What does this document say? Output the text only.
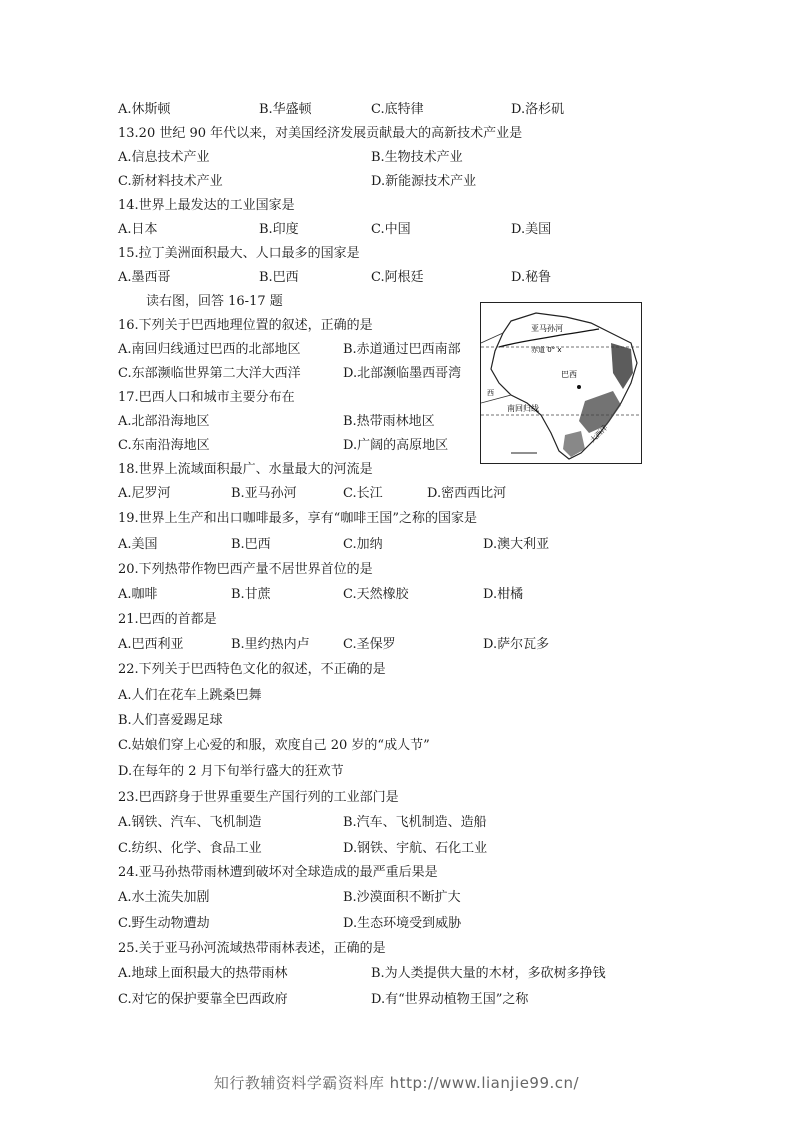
A.休斯顿	B.华盛顿	C.底特律	D.洛杉矶
13.20 世纪 90 年代以来，对美国经济发展贡献最大的高新技术产业是
A.信息技术产业	B.生物技术产业
C.新材料技术产业	D.新能源技术产业
14.世界上最发达的工业国家是
A.日本	B.印度	C.中国	D.美国
15.拉丁美洲面积最大、人口最多的国家是
A.墨西哥	B.巴西	C.阿根廷	D.秘鲁
读右图，回答 16-17 题
亚马孙河
赤道 0° x
巴西
南回归线
大西洋
西
16.下列关于巴西地理位置的叙述，正确的是
A.南回归线通过巴西的北部地区	B.赤道通过巴西南部
C.东部濒临世界第二大洋大西洋	D.北部濒临墨西哥湾
17.巴西人口和城市主要分布在
A.北部沿海地区	B.热带雨林地区
C.东南沿海地区	D.广阔的高原地区
18.世界上流域面积最广、水量最大的河流是
A.尼罗河	B.亚马孙河	C.长江	D.密西西比河
19.世界上生产和出口咖啡最多，享有“咖啡王国”之称的国家是
A.美国	B.巴西	C.加纳	D.澳大利亚
20.下列热带作物巴西产量不居世界首位的是
A.咖啡	B.甘蔗	C.天然橡胶	D.柑橘
21.巴西的首都是
A.巴西利亚	B.里约热内卢	C.圣保罗	D.萨尔瓦多
22.下列关于巴西特色文化的叙述，不正确的是
A.人们在花车上跳桑巴舞
B.人们喜爱踢足球
C.姑娘们穿上心爱的和服，欢度自己 20 岁的“成人节”
D.在每年的 2 月下旬举行盛大的狂欢节
23.巴西跻身于世界重要生产国行列的工业部门是
A.钢铁、汽车、飞机制造	B.汽车、飞机制造、造船
C.纺织、化学、食品工业	D.钢铁、宇航、石化工业
24.亚马孙热带雨林遭到破坏对全球造成的最严重后果是
A.水土流失加剧	B.沙漠面积不断扩大
C.野生动物遭劫	D.生态环境受到威胁
25.关于亚马孙河流域热带雨林表述，正确的是
A.地球上面积最大的热带雨林	B.为人类提供大量的木材，多砍树多挣钱
C.对它的保护要靠全巴西政府	D.有“世界动植物王国”之称
知行教辅资料学霸资料库 http://www.lianjie99.cn/
